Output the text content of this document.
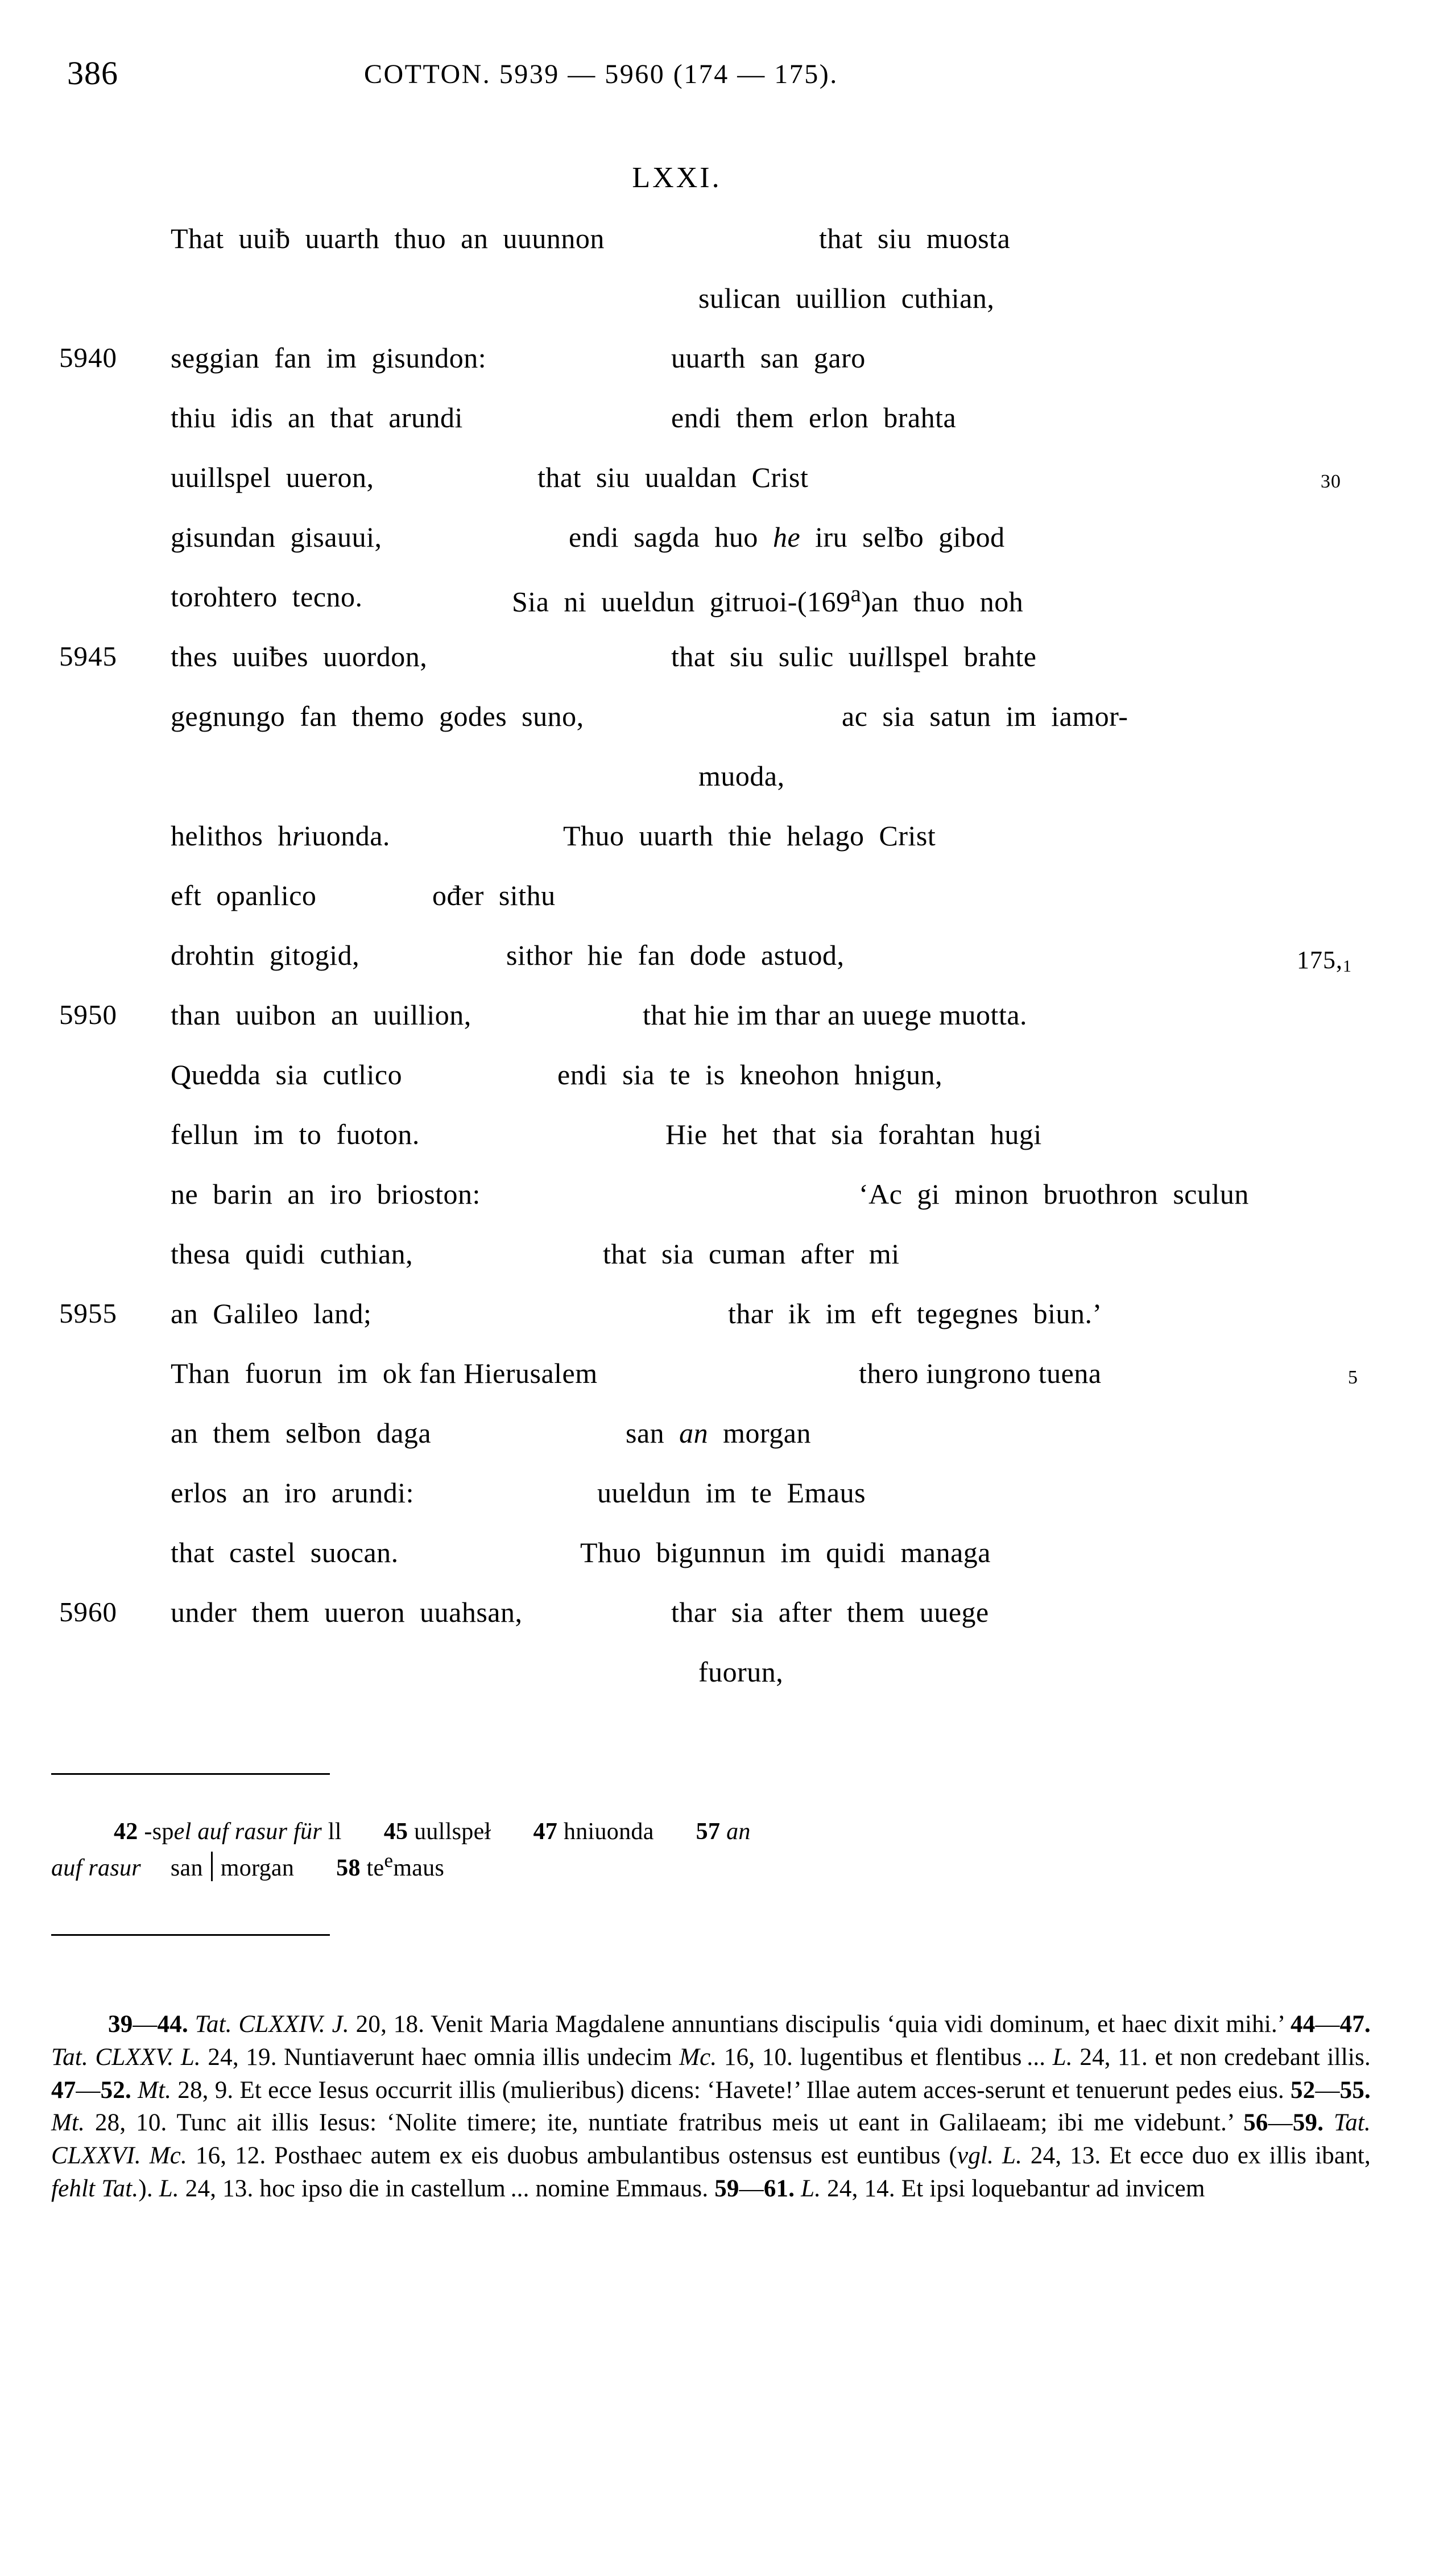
386	COTTON. 5939 — 5960 (174 — 175).
LXXI.
That  uuiƀ  uuarth  thuo  an  uuunnon	that  siu  muosta
sulican  uuillion  cuthian,
5940 seggian  fan  im  gisundon:	uuarth  san  garo
thiu  idis  an  that  arundi	endi  them  erlon  brahta
uuillspel  uueron,	that  siu  uualdan  Crist	30
gisundan  gisauui,	endi  sagda  huo  he  iru  selƀo  gibod
torohtero  tecno.	Sia  ni  uueldun  gitruoi-(169$^a$)an  thuo  noh
5945 thes  uuiƀes  uuordon,	that  siu  sulic  uuillspel  brahte
gegnungo  fan  themo  godes  suno,	ac  sia  satun  im  iamor-
muoda,
helithos  hriuonda.	Thuo  uuarth  thie  helago  Crist
eft  opanlico	ođer  sithu
drohtin  gitogid,	sithor  hie  fan  dode  astuod,	175,1
5950 than  uuibon  an  uuillion,	that hie im thar an uuege muotta.
Quedda  sia  cutlico	endi  sia  te  is  kneohon  hnigun,
fellun  im  to  fuoton.	Hie  het  that  sia  forahtan  hugi
ne  barin  an  iro  brioston:	‘Ac  gi  minon  bruothron  sculun
thesa  quidi  cuthian,	that  sia  cuman  after  mi
5955 an  Galileo  land;	thar  ik  im  eft  tegegnes  biun.’
Than  fuorun  im  ok fan Hierusalem	thero iungrono tuena	5
an  them  selƀon  daga	san  an  morgan
erlos  an  iro  arundi:	uueldun  im  te  Emaus
that  castel  suocan.	Thuo  bigunnun  im  quidi  managa
5960 under  them  uueron  uuahsan,	thar  sia  after  them  uuege
fuorun,
42 -spel auf rasur für ll 45 uullspeł 47 hniuonda 57 an
auf rasur san morgan 58 $te^emaus$

39—44. Tat. CLXXIV. J. 20, 18. Venit Maria Magdalene annuntians discipulis ‘quia vidi dominum, et haec dixit mihi.’ 44—47. Tat. CLXXV. L. 24, 19. Nuntiaverunt haec omnia illis undecim Mc. 16, 10. lugentibus et flentibus ... L. 24, 11. et non credebant illis. 47—52. Mt. 28, 9. Et ecce Iesus occurrit illis (mulieribus) dicens: ‘Havete!’ Illae autem acces-serunt et tenuerunt pedes eius. 52—55. Mt. 28, 10. Tunc ait illis Iesus: ‘Nolite timere; ite, nuntiate fratribus meis ut eant in Galilaeam; ibi me videbunt.’ 56—59. Tat. CLXXVI. Mc. 16, 12. Posthaec autem ex eis duobus ambulantibus ostensus est euntibus (vgl. L. 24, 13. Et ecce duo ex illis ibant, fehlt Tat.). L. 24, 13. hoc ipso die in castellum ... nomine Emmaus. 59—61. L. 24, 14. Et ipsi loquebantur ad invicem
